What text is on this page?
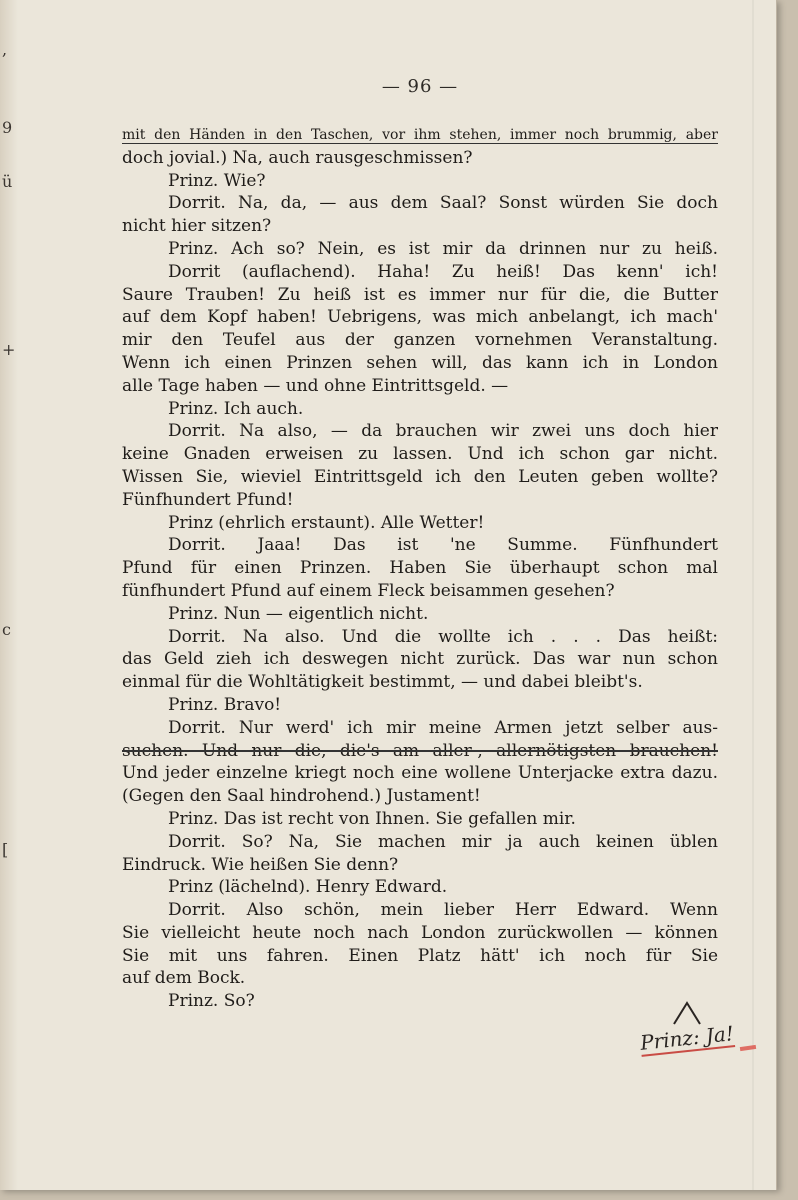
,
9
ü
+
c
[
— 96 —
mit den Händen in den Taschen, vor ihm stehen, immer noch brummig, aber
doch jovial.) Na, auch rausgeschmissen?
Prinz. Wie?
Dorrit. Na, da, — aus dem Saal? Sonst würden Sie doch
nicht hier sitzen?
Prinz. Ach so? Nein, es ist mir da drinnen nur zu heiß.
Dorrit (auflachend). Haha! Zu heiß! Das kenn' ich!
Saure Trauben! Zu heiß ist es immer nur für die, die Butter
auf dem Kopf haben! Uebrigens, was mich anbelangt, ich mach'
mir den Teufel aus der ganzen vornehmen Veranstaltung.
Wenn ich einen Prinzen sehen will, das kann ich in London
alle Tage haben — und ohne Eintrittsgeld. —
Prinz. Ich auch.
Dorrit. Na also, — da brauchen wir zwei uns doch hier
keine Gnaden erweisen zu lassen. Und ich schon gar nicht.
Wissen Sie, wieviel Eintrittsgeld ich den Leuten geben wollte?
Fünfhundert Pfund!
Prinz (ehrlich erstaunt). Alle Wetter!
Dorrit. Jaaa! Das ist 'ne Summe. Fünfhundert
Pfund für einen Prinzen. Haben Sie überhaupt schon mal
fünfhundert Pfund auf einem Fleck beisammen gesehen?
Prinz. Nun — eigentlich nicht.
Dorrit. Na also. Und die wollte ich . . . Das heißt:
das Geld zieh ich deswegen nicht zurück. Das war nun schon
einmal für die Wohltätigkeit bestimmt, — und dabei bleibt's.
Prinz. Bravo!
Dorrit. Nur werd' ich mir meine Armen jetzt selber aus-
suchen. Und nur die, die's am aller-, allernötigsten brauchen!
Und jeder einzelne kriegt noch eine wollene Unterjacke extra dazu.
(Gegen den Saal hindrohend.) Justament!
Prinz. Das ist recht von Ihnen. Sie gefallen mir.
Dorrit. So? Na, Sie machen mir ja auch keinen üblen
Eindruck. Wie heißen Sie denn?
Prinz (lächelnd). Henry Edward.
Dorrit. Also schön, mein lieber Herr Edward. Wenn
Sie vielleicht heute noch nach London zurückwollen — können
Sie mit uns fahren. Einen Platz hätt' ich noch für Sie
auf dem Bock.
Prinz. So?
Prinz: Ja!
